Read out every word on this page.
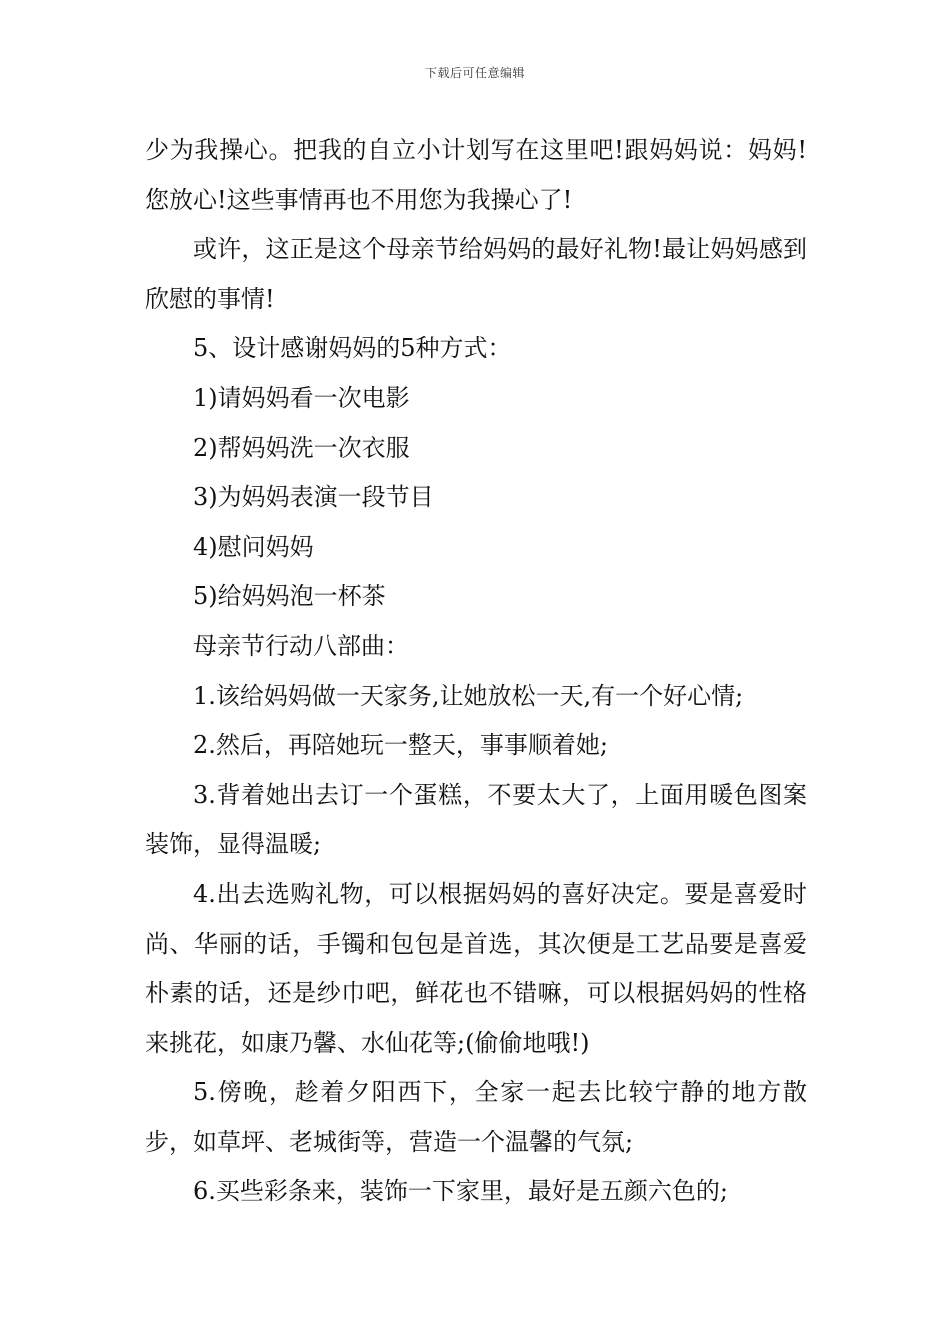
下载后可任意编辑

少为我操心。把我的自立小计划写在这里吧!跟妈妈说：妈妈!您放心!这些事情再也不用您为我操心了!

或许，这正是这个母亲节给妈妈的最好礼物!最让妈妈感到欣慰的事情!

5、设计感谢妈妈的5种方式：

1)请妈妈看一次电影

2)帮妈妈洗一次衣服

3)为妈妈表演一段节目

4)慰问妈妈

5)给妈妈泡一杯茶

母亲节行动八部曲：

1.该给妈妈做一天家务,让她放松一天,有一个好心情;

2.然后，再陪她玩一整天，事事顺着她;

3.背着她出去订一个蛋糕，不要太大了，上面用暖色图案装饰，显得温暖;

4.出去选购礼物，可以根据妈妈的喜好决定。要是喜爱时尚、华丽的话，手镯和包包是首选，其次便是工艺品要是喜爱朴素的话，还是纱巾吧，鲜花也不错嘛，可以根据妈妈的性格来挑花，如康乃馨、水仙花等;(偷偷地哦!)

5.傍晚，趁着夕阳西下，全家一起去比较宁静的地方散步，如草坪、老城街等，营造一个温馨的气氛;

6.买些彩条来，装饰一下家里，最好是五颜六色的;
